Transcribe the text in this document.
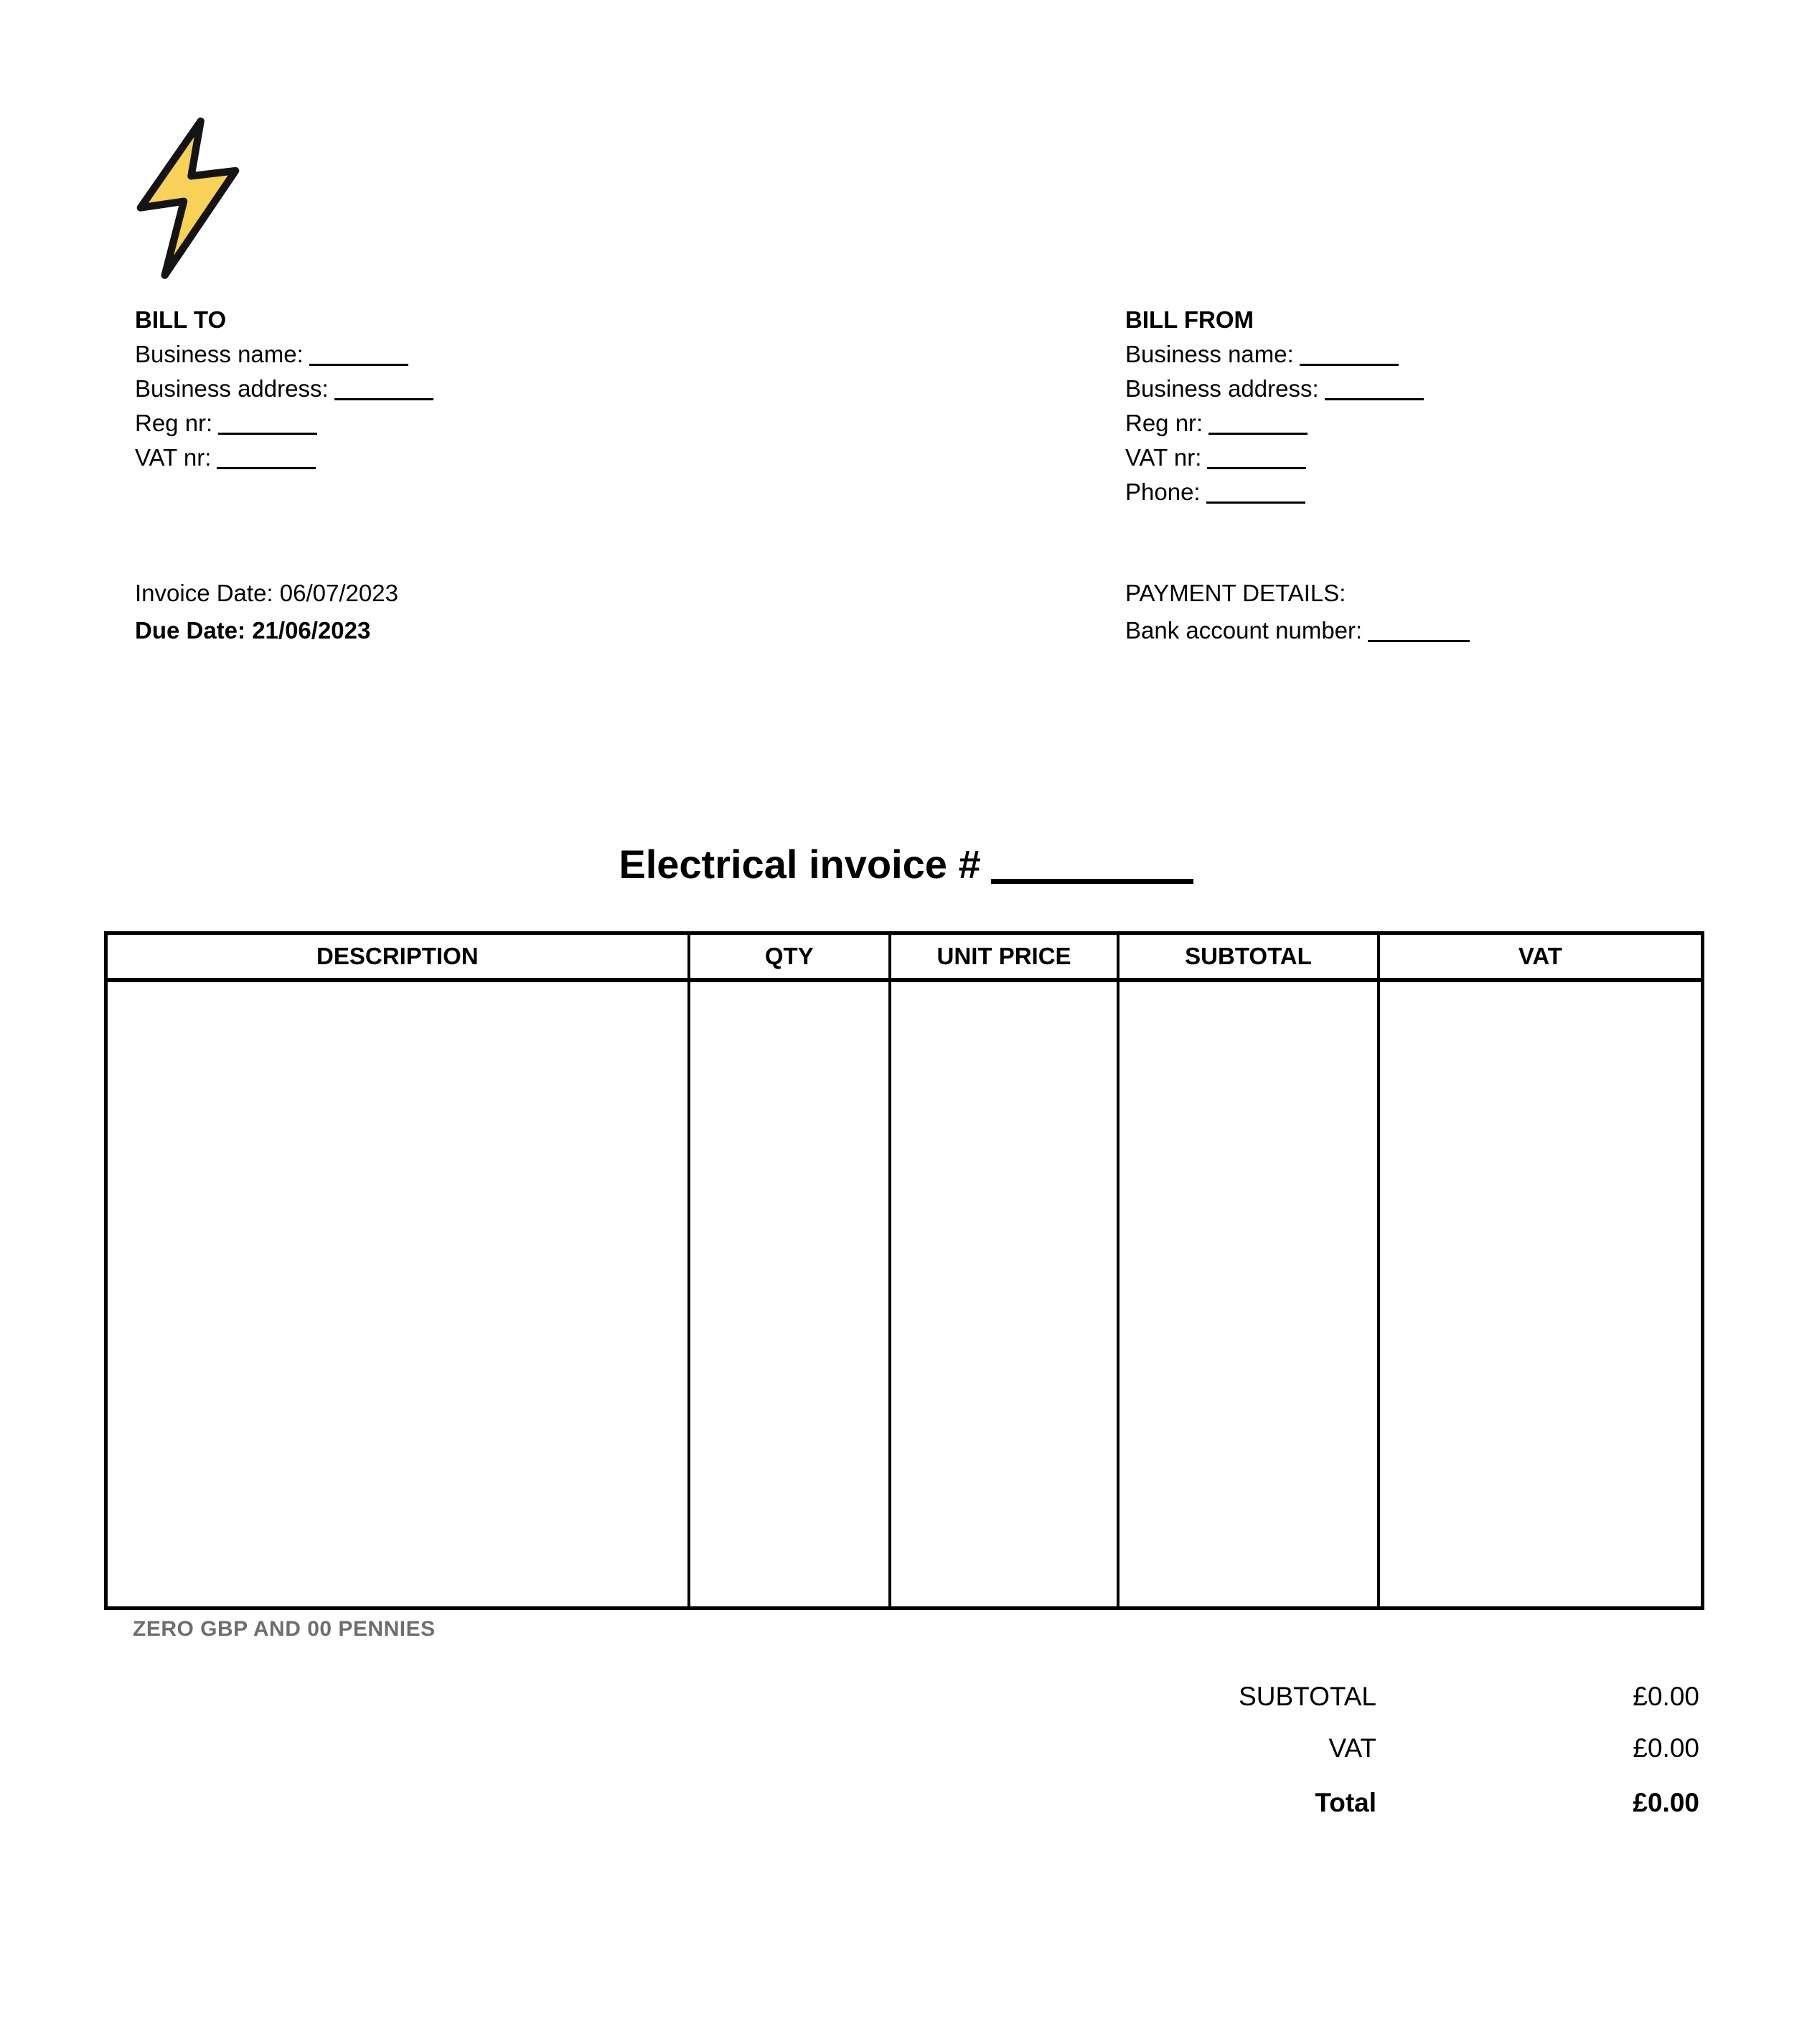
BILL TO
Business name:
Business address:
Reg nr:
VAT nr:
BILL FROM
Business name:
Business address:
Reg nr:
VAT nr:
Phone:
Invoice Date: 06/07/2023
Due Date: 21/06/2023
PAYMENT DETAILS:
Bank account number:
Electrical invoice #
DESCRIPTION	QTY	UNIT PRICE	SUBTOTAL	VAT

ZERO GBP AND 00 PENNIES
SUBTOTAL	£0.00
VAT	£0.00
Total	£0.00
